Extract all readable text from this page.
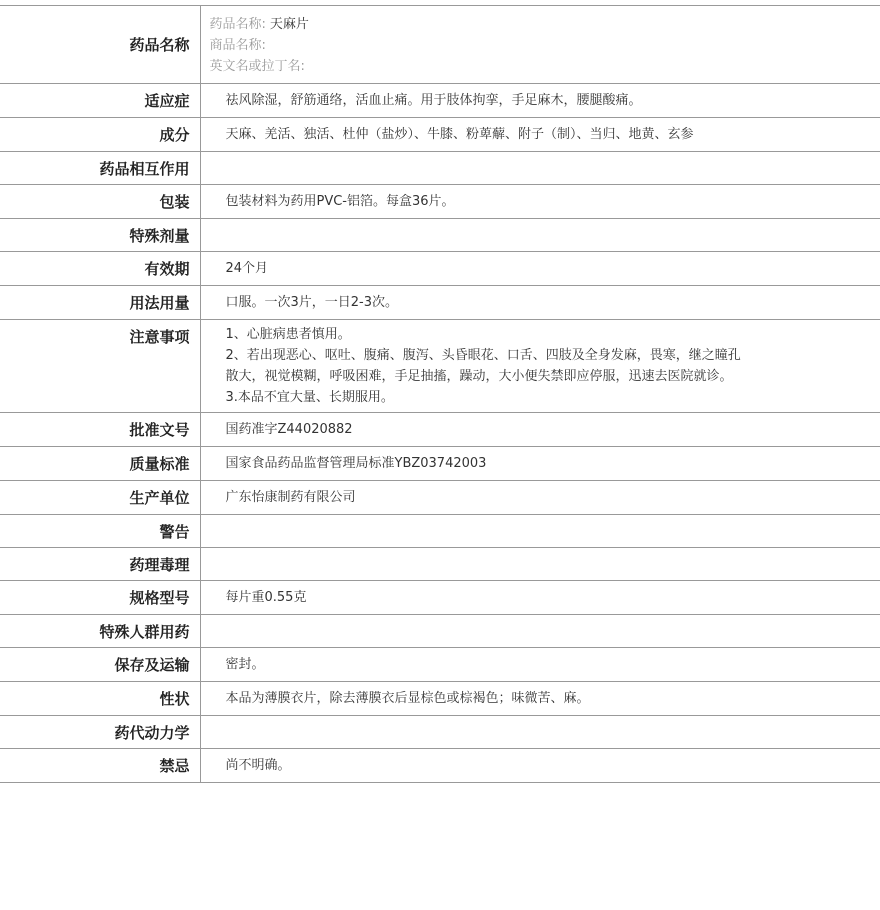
药品名称	药品名称: 天麻片
商品名称:
英文名或拉丁名:

适应症	祛风除湿，舒筋通络，活血止痛。用于肢体拘挛，手足麻木，腰腿酸痛。
成分	天麻、羌活、独活、杜仲（盐炒）、牛膝、粉萆薢、附子（制）、当归、地黄、玄参
药品相互作用	
包装	包装材料为药用PVC-铝箔。每盒36片。
特殊剂量	
有效期	24个月
用法用量	口服。一次3片，一日2-3次。
注意事项	1、心脏病患者慎用。
2、若出现恶心、呕吐、腹痛、腹泻、头昏眼花、口舌、四肢及全身发麻，畏寒，继之瞳孔
散大，视觉模糊，呼吸困难，手足抽搐，躁动，大小便失禁即应停服，迅速去医院就诊。
3.本品不宜大量、长期服用。

批准文号	国药准字Z44020882
质量标准	国家食品药品监督管理局标准YBZ03742003
生产单位	广东怡康制药有限公司
警告	
药理毒理	
规格型号	每片重0.55克
特殊人群用药	
保存及运输	密封。
性状	本品为薄膜衣片，除去薄膜衣后显棕色或棕褐色；味微苦、麻。
药代动力学	
禁忌	尚不明确。
